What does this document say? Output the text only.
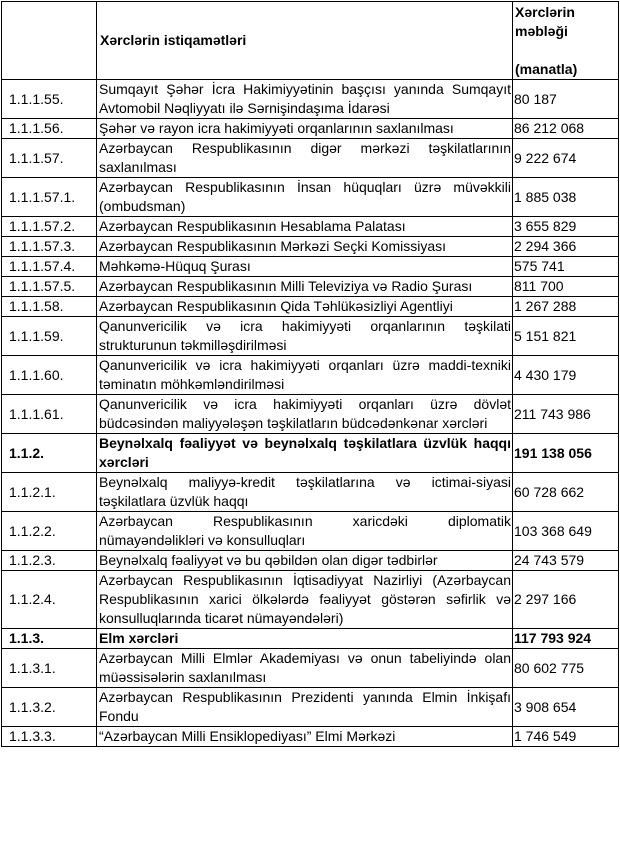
	Xərclərin istiqamətləri	Xərclərin məbləği
(manatla)

1.1.1.55.	Sumqayıt Şəhər İcra Hakimiyyətinin başçısı yanında Sumqayıt Avtomobil Nəqliyyatı ilə Sərnişindaşıma İdarəsi	80 187
1.1.1.56.	Şəhər və rayon icra hakimiyyəti orqanlarının saxlanılması	86 212 068
1.1.1.57.	Azərbaycan Respublikasının digər mərkəzi təşkilatlarının saxlanılması	9 222 674
1.1.1.57.1.	Azərbaycan Respublikasının İnsan hüquqları üzrə müvəkkili (ombudsman)	1 885 038
1.1.1.57.2.	Azərbaycan Respublikasının Hesablama Palatası	3 655 829
1.1.1.57.3.	Azərbaycan Respublikasının Mərkəzi Seçki Komissiyası	2 294 366
1.1.1.57.4.	Məhkəmə-Hüquq Şurası	575 741
1.1.1.57.5.	Azərbaycan Respublikasının Milli Televiziya və Radio Şurası	811 700
1.1.1.58.	Azərbaycan Respublikasının Qida Təhlükəsizliyi Agentliyi	1 267 288
1.1.1.59.	Qanunvericilik və icra hakimiyyəti orqanlarının təşkilati strukturunun təkmilləşdirilməsi	5 151 821
1.1.1.60.	Qanunvericilik və icra hakimiyyəti orqanları üzrə maddi-texniki təminatın möhkəmləndirilməsi	4 430 179
1.1.1.61.	Qanunvericilik və icra hakimiyyəti orqanları üzrə dövlət büdcəsindən maliyyələşən təşkilatların büdcədənkənar xərcləri	211 743 986
1.1.2.	Beynəlxalq fəaliyyət və beynəlxalq təşkilatlara üzvlük haqqı xərcləri	191 138 056
1.1.2.1.	Beynəlxalq maliyyə-kredit təşkilatlarına və ictimai-siyasi təşkilatlara üzvlük haqqı	60 728 662
1.1.2.2.	Azərbaycan Respublikasının xaricdəki diplomatik nümayəndəlikləri və konsulluqları	103 368 649
1.1.2.3.	Beynəlxalq fəaliyyət və bu qəbildən olan digər tədbirlər	24 743 579
1.1.2.4.	Azərbaycan Respublikasının İqtisadiyyat Nazirliyi (Azərbaycan Respublikasının xarici ölkələrdə fəaliyyət göstərən səfirlik və konsulluqlarında ticarət nümayəndələri)	2 297 166
1.1.3.	Elm xərcləri	117 793 924
1.1.3.1.	Azərbaycan Milli Elmlər Akademiyası və onun tabeliyində olan müəssisələrin saxlanılması	80 602 775
1.1.3.2.	Azərbaycan Respublikasının Prezidenti yanında Elmin İnkişafı Fondu	3 908 654
1.1.3.3.	“Azərbaycan Milli Ensiklopediyası” Elmi Mərkəzi	1 746 549
